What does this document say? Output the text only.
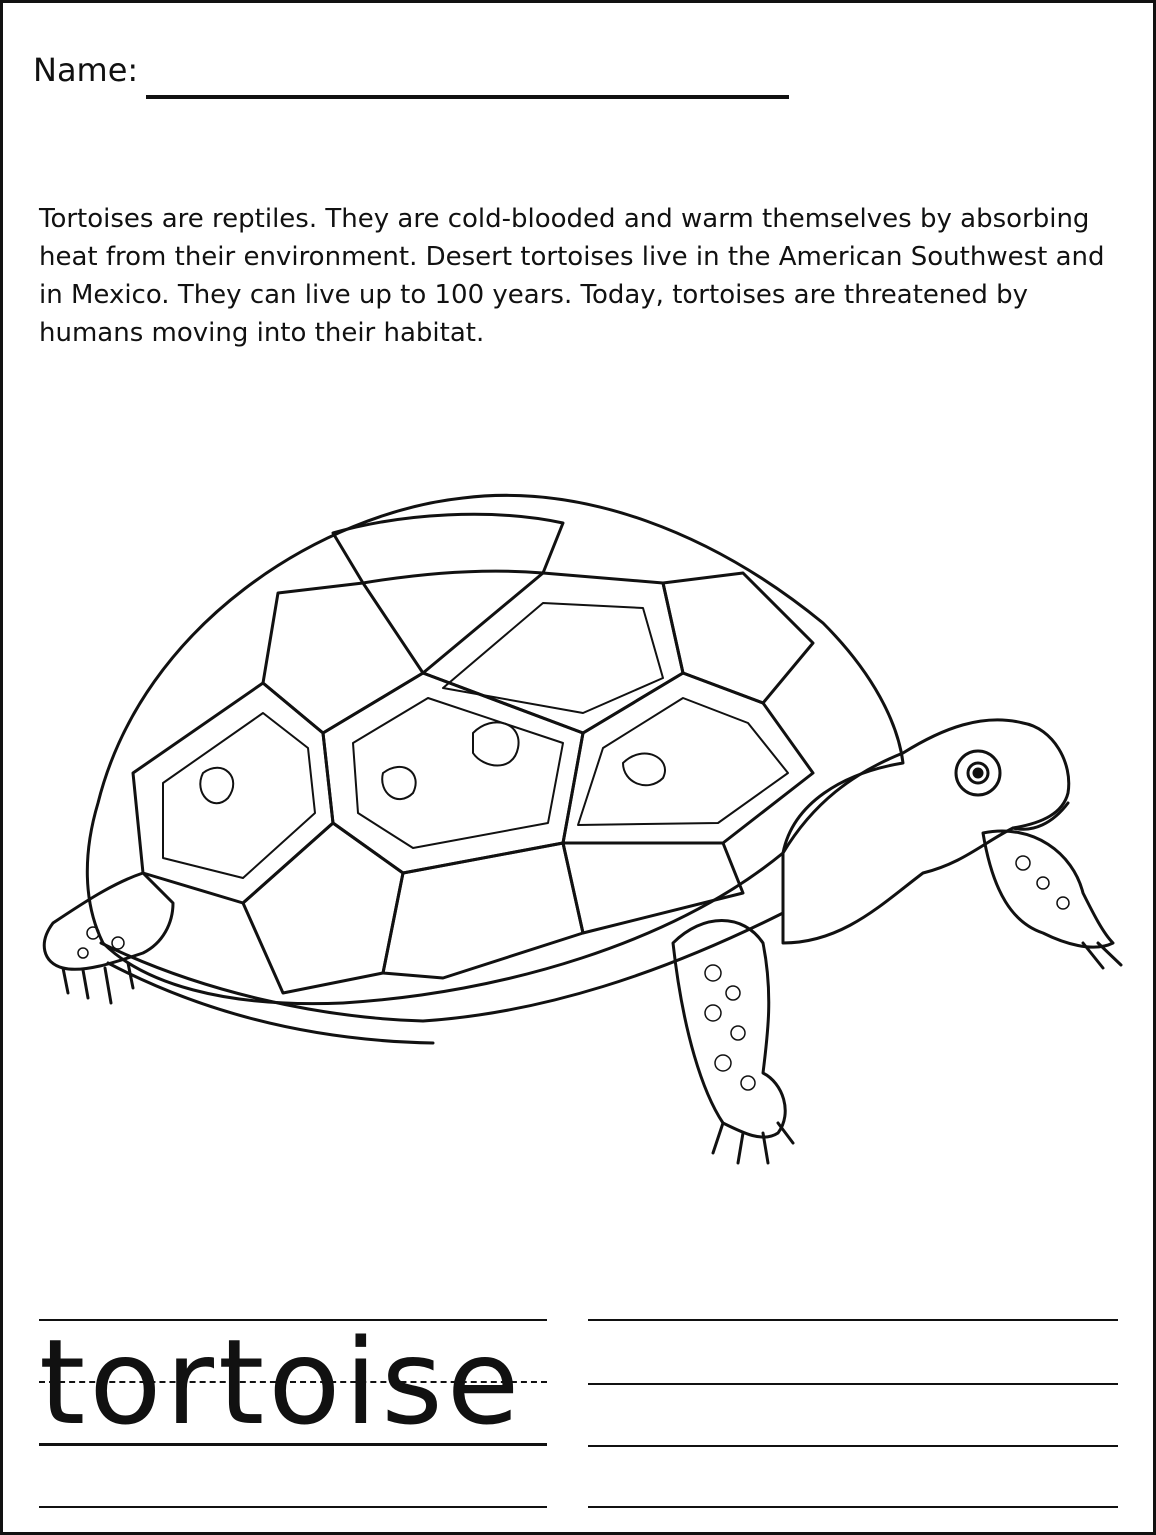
Name:

Tortoises are reptiles. They are cold-blooded and warm themselves by absorbing heat from their environment. Desert tortoises live in the American Southwest and in Mexico. They can live up to 100 years. Today, tortoises are threatened by humans moving into their habitat.

tortoise
